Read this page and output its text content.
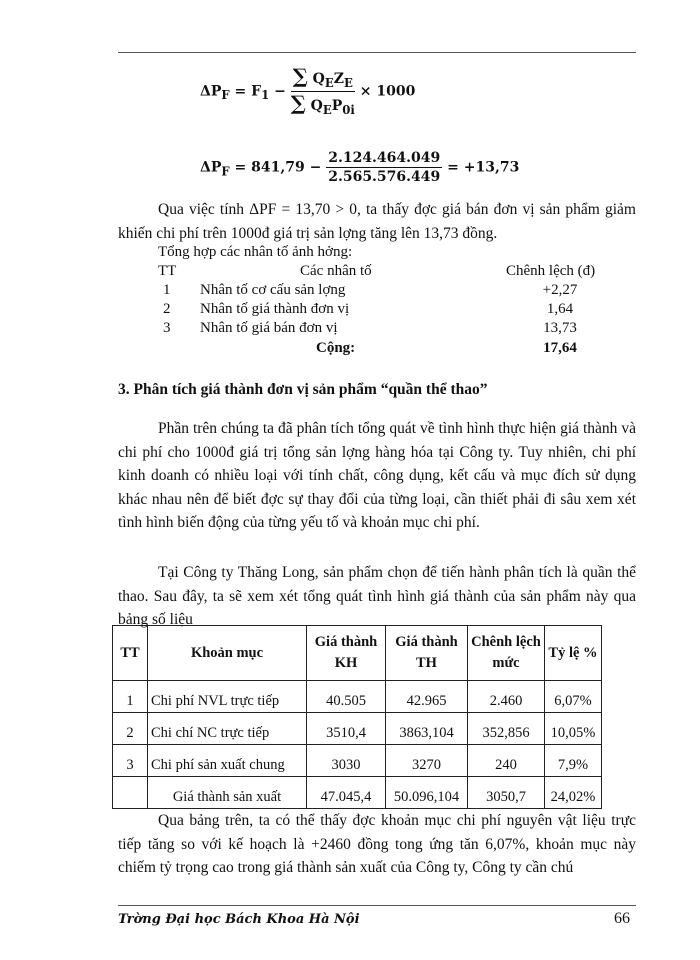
$\Delta P_F = F_1 - \frac{\sum Q_EZ_E}{\sum Q_EP_{0i}} \times 1000$
$\Delta P_F = 841,79 - \frac{2.124.464.049}{2.565.576.449} = +13,73$
Qua việc tính ΔPF = 13,70 > 0, ta thấy đợc giá bán đơn vị sản phẩm giảm khiến chi phí trên 1000đ giá trị sản lợng tăng lên 13,73 đồng.
Tổng hợp các nhân tố ảnh hởng:
TT	Các nhân tố	Chênh lệch (đ)
1 Nhân tố cơ cấu sản lợng	+2,27
2 Nhân tố giá thành đơn vị	1,64
3 Nhân tố giá bán đơn vị	13,73
Cộng:	17,64
3. Phân tích giá thành đơn vị sản phẩm “quần thể thao”
Phần trên chúng ta đã phân tích tổng quát về tình hình thực hiện giá thành và chi phí cho 1000đ giá trị tổng sản lợng hàng hóa tại Công ty. Tuy nhiên, chi phí kinh doanh có nhiều loại với tính chất, công dụng, kết cấu và mục đích sử dụng khác nhau nên để biết đợc sự thay đổi của từng loại, cần thiết phải đi sâu xem xét tình hình biến động của từng yếu tố và khoản mục chi phí.
Tại Công ty Thăng Long, sản phẩm chọn để tiến hành phân tích là quần thể thao. Sau đây, ta sẽ xem xét tổng quát tình hình giá thành của sản phẩm này qua bảng số liệu
TT	Khoản mục	Giá thành KH	Giá thành TH	Chênh lệch mức	Tỷ lệ %
1	Chi phí NVL trực tiếp	40.505	42.965	2.460	6,07%
2	Chi chí NC trực tiếp	3510,4	3863,104	352,856	10,05%
3	Chi phí sản xuất chung	3030	3270	240	7,9%
	Giá thành sản xuất	47.045,4	50.096,104	3050,7	24,02%
Qua bảng trên, ta có thể thấy đợc khoản mục chi phí nguyên vật liệu trực tiếp tăng so với kế hoạch là +2460 đồng tong ứng tăn 6,07%, khoản mục này chiếm tỷ trọng cao trong giá thành sản xuất của Công ty, Công ty cần chú
Trờng Đại học Bách Khoa Hà Nội	66
